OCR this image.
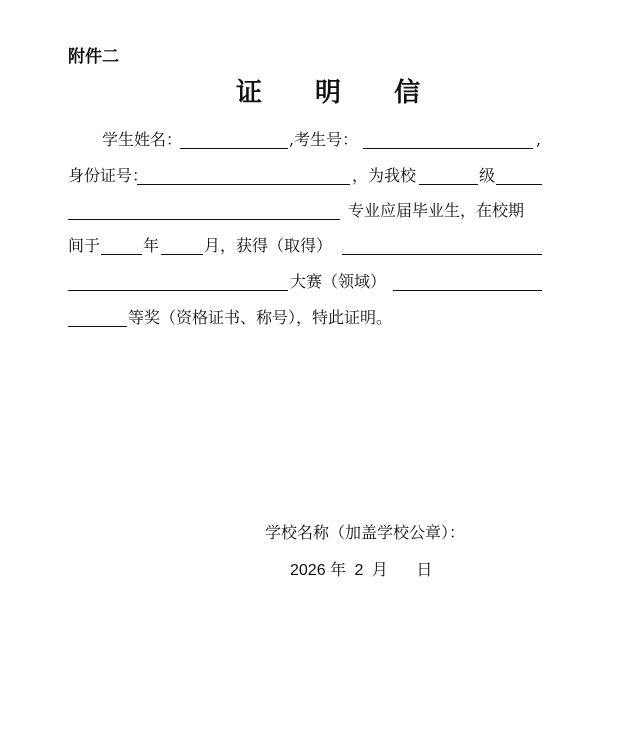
附件二
证 明 信
学生姓名：	,考生号：	,
身份证号：	，为我校	级
专业应届毕业生，在校期
间于	年	月，获得（取得）
大赛（领域）
等奖（资格证书、称号），特此证明。
学校名称（加盖学校公章）：
2026 年 2 月 日
